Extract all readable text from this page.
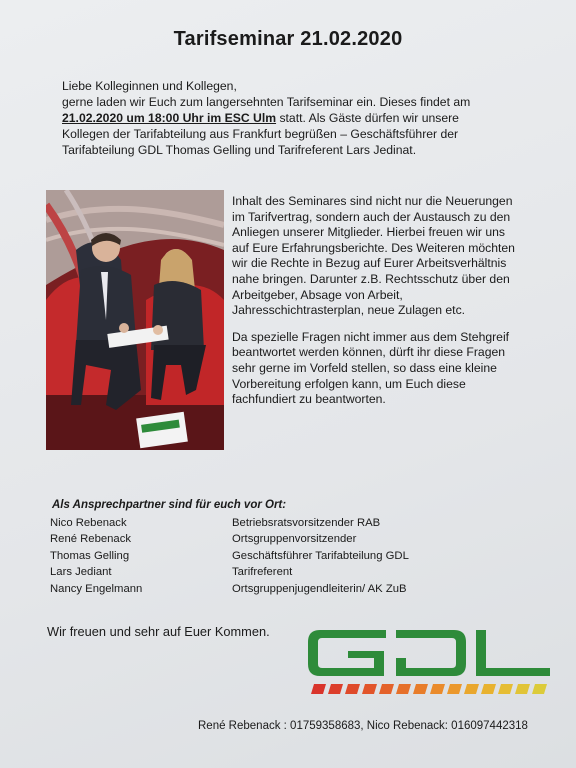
Tarifseminar 21.02.2020
Liebe Kolleginnen und Kollegen,
gerne laden wir Euch zum langersehnten Tarifseminar ein. Dieses findet am
21.02.2020 um 18:00 Uhr im ESC Ulm statt. Als Gäste dürfen wir unsere
Kollegen der Tarifabteilung aus Frankfurt begrüßen – Geschäftsführer der
Tarifabteilung GDL Thomas Gelling und Tarifreferent Lars Jedinat.

Inhalt des Seminares sind nicht nur die Neuerungen im Tarifvertrag, sondern auch der Austausch zu den Anliegen unserer Mitglieder. Hierbei freuen wir uns auf Eure Erfahrungsberichte. Des Weiteren möchten wir die Rechte in Bezug auf Eurer Arbeitsverhältnis nahe bringen. Darunter z.B. Rechtsschutz über den Arbeitgeber, Absage von Arbeit, Jahresschichtrasterplan, neue Zulagen etc.

Da spezielle Fragen nicht immer aus dem Stehgreif beantwortet werden können, dürft ihr diese Fragen sehr gerne im Vorfeld stellen, so dass eine kleine Vorbereitung erfolgen kann, um Euch diese fachfundiert zu beantworten.

Als Ansprechpartner sind für euch vor Ort:
Nico Rebenack	Betriebsratsvorsitzender RAB
René Rebenack	Ortsgruppenvorsitzender
Thomas Gelling	Geschäftsführer Tarifabteilung GDL
Lars Jediant	Tarifreferent
Nancy Engelmann	Ortsgruppenjugendleiterin/ AK ZuB
Wir freuen und sehr auf Euer Kommen.
René Rebenack : 01759358683, Nico Rebenack: 016097442318
